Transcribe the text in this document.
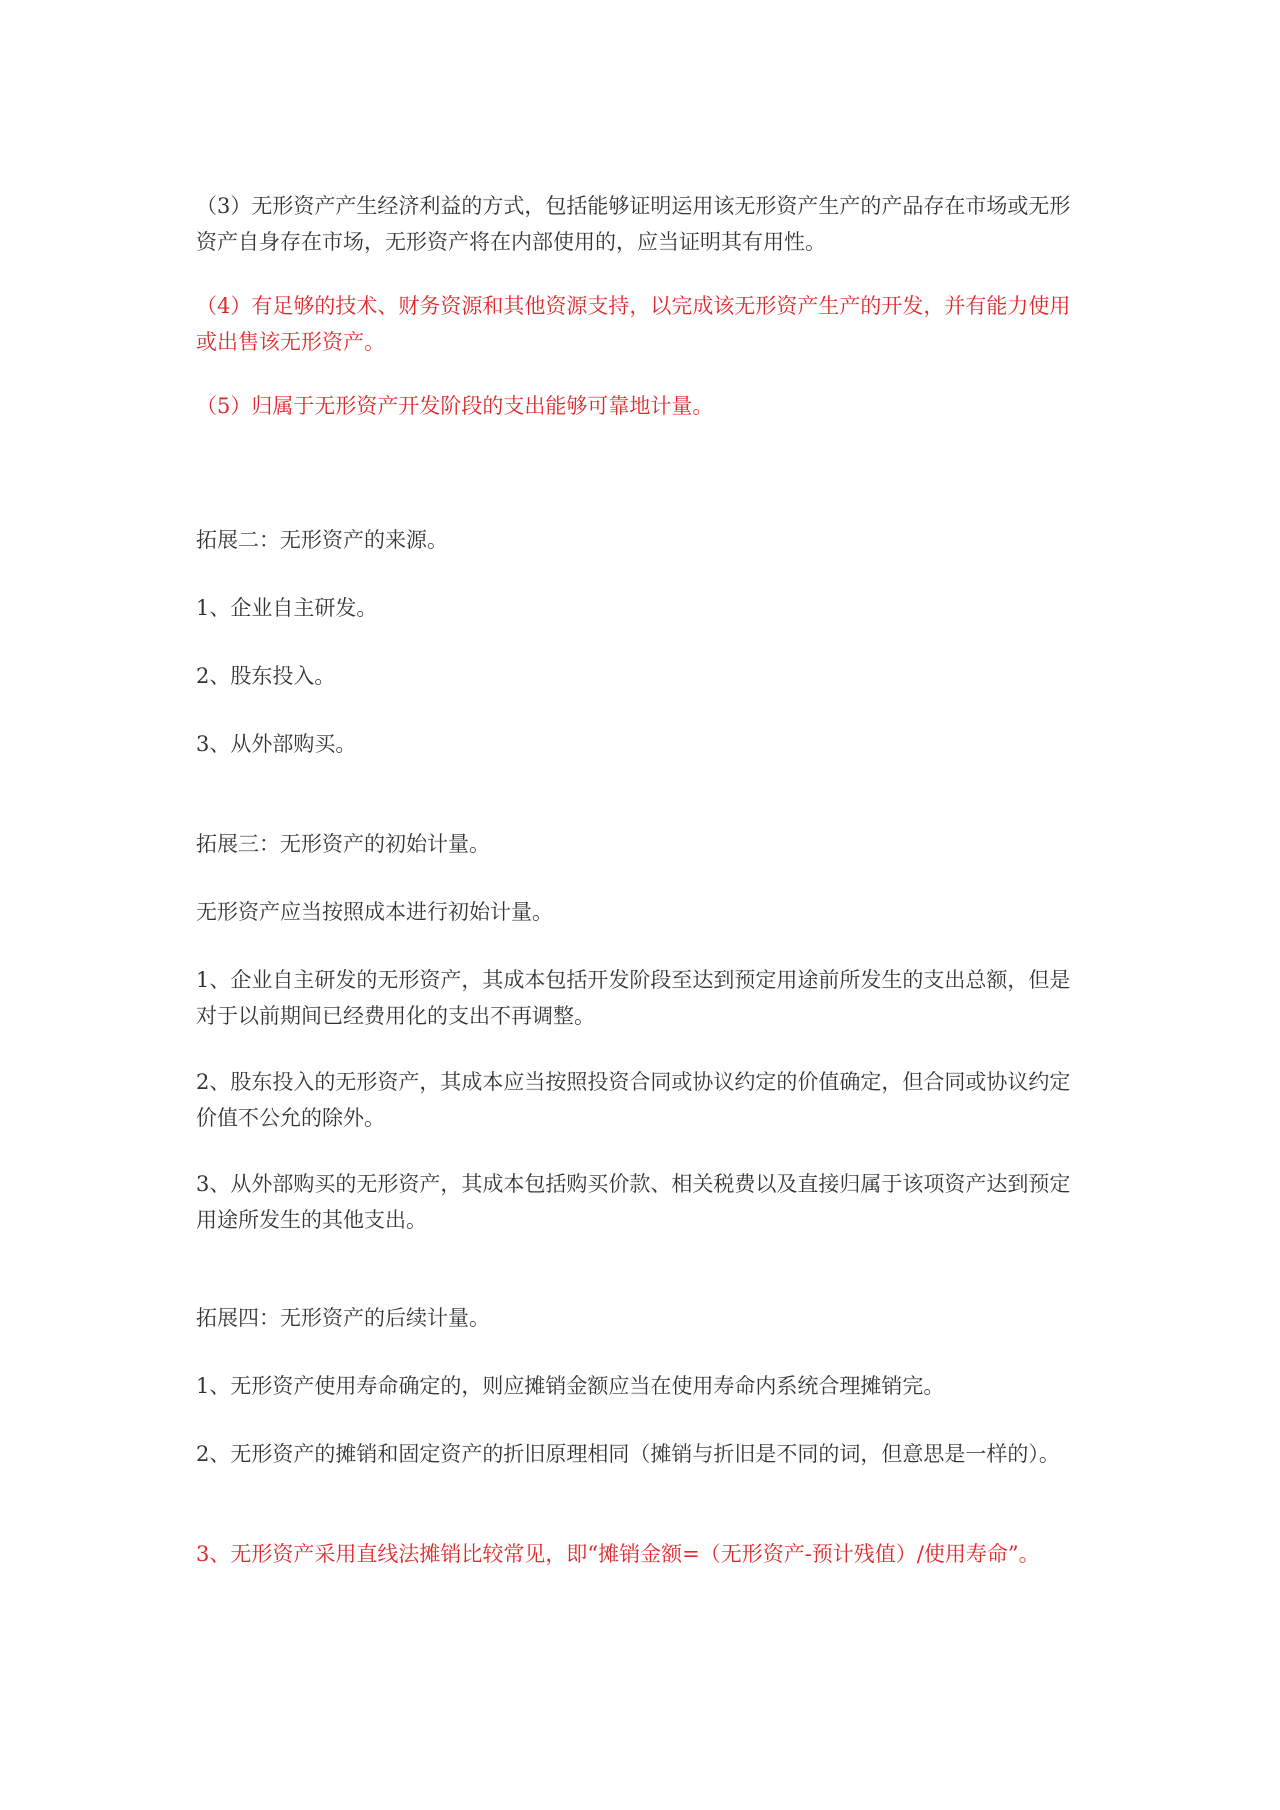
（3）无形资产产生经济利益的方式，包括能够证明运用该无形资产生产的产品存在市场或无形资产自身存在市场，无形资产将在内部使用的，应当证明其有用性。

（4）有足够的技术、财务资源和其他资源支持，以完成该无形资产生产的开发，并有能力使用或出售该无形资产。

（5）归属于无形资产开发阶段的支出能够可靠地计量。

拓展二：无形资产的来源。

1、企业自主研发。

2、股东投入。

3、从外部购买。

拓展三：无形资产的初始计量。

无形资产应当按照成本进行初始计量。

1、企业自主研发的无形资产，其成本包括开发阶段至达到预定用途前所发生的支出总额，但是对于以前期间已经费用化的支出不再调整。

2、股东投入的无形资产，其成本应当按照投资合同或协议约定的价值确定，但合同或协议约定价值不公允的除外。

3、从外部购买的无形资产，其成本包括购买价款、相关税费以及直接归属于该项资产达到预定用途所发生的其他支出。

拓展四：无形资产的后续计量。

1、无形资产使用寿命确定的，则应摊销金额应当在使用寿命内系统合理摊销完。

2、无形资产的摊销和固定资产的折旧原理相同（摊销与折旧是不同的词，但意思是一样的）。

3、无形资产采用直线法摊销比较常见，即“摊销金额=（无形资产-预计残值）/使用寿命”。
